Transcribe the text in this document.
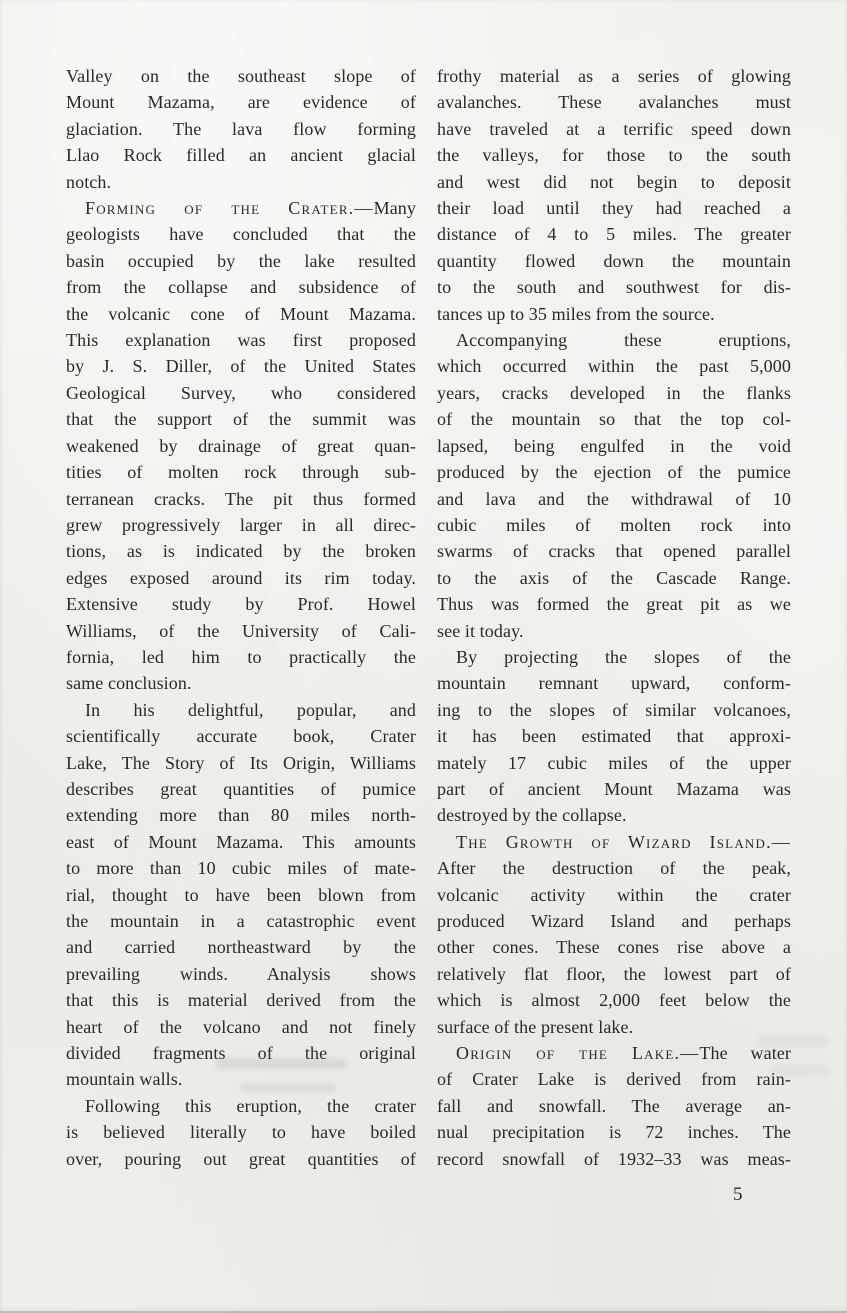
Valley on the southeast slope of
Mount Mazama, are evidence of
glaciation. The lava flow forming
Llao Rock filled an ancient glacial
notch.
Forming of the Crater.—Many
geologists have concluded that the
basin occupied by the lake resulted
from the collapse and subsidence of
the volcanic cone of Mount Mazama.
This explanation was first proposed
by J. S. Diller, of the United States
Geological Survey, who considered
that the support of the summit was
weakened by drainage of great quan-
tities of molten rock through sub-
terranean cracks. The pit thus formed
grew progressively larger in all direc-
tions, as is indicated by the broken
edges exposed around its rim today.
Extensive study by Prof. Howel
Williams, of the University of Cali-
fornia, led him to practically the
same conclusion.
In his delightful, popular, and
scientifically accurate book, Crater
Lake, The Story of Its Origin, Williams
describes great quantities of pumice
extending more than 80 miles north-
east of Mount Mazama. This amounts
to more than 10 cubic miles of mate-
rial, thought to have been blown from
the mountain in a catastrophic event
and carried northeastward by the
prevailing winds. Analysis shows
that this is material derived from the
heart of the volcano and not finely
divided fragments of the original
mountain walls.
Following this eruption, the crater
is believed literally to have boiled
over, pouring out great quantities of
frothy material as a series of glowing
avalanches. These avalanches must
have traveled at a terrific speed down
the valleys, for those to the south
and west did not begin to deposit
their load until they had reached a
distance of 4 to 5 miles. The greater
quantity flowed down the mountain
to the south and southwest for dis-
tances up to 35 miles from the source.
Accompanying these eruptions,
which occurred within the past 5,000
years, cracks developed in the flanks
of the mountain so that the top col-
lapsed, being engulfed in the void
produced by the ejection of the pumice
and lava and the withdrawal of 10
cubic miles of molten rock into
swarms of cracks that opened parallel
to the axis of the Cascade Range.
Thus was formed the great pit as we
see it today.
By projecting the slopes of the
mountain remnant upward, conform-
ing to the slopes of similar volcanoes,
it has been estimated that approxi-
mately 17 cubic miles of the upper
part of ancient Mount Mazama was
destroyed by the collapse.
The Growth of Wizard Island.—
After the destruction of the peak,
volcanic activity within the crater
produced Wizard Island and perhaps
other cones. These cones rise above a
relatively flat floor, the lowest part of
which is almost 2,000 feet below the
surface of the present lake.
Origin of the Lake.—The water
of Crater Lake is derived from rain-
fall and snowfall. The average an-
nual precipitation is 72 inches. The
record snowfall of 1932–33 was meas-
5
